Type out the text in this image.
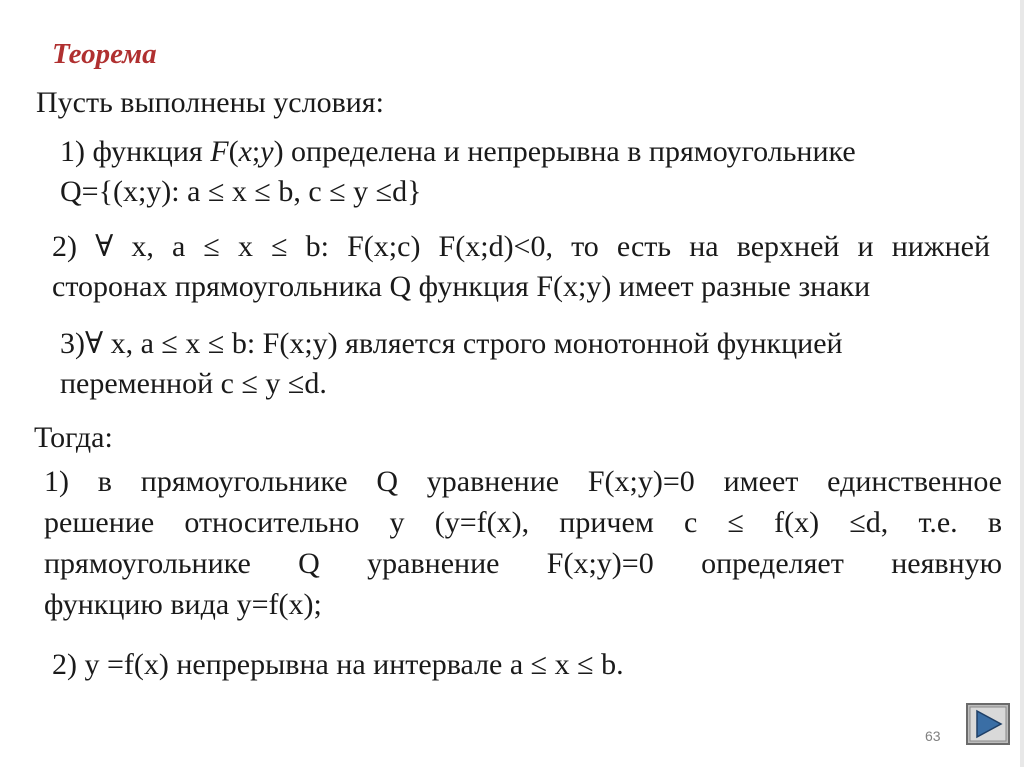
Теорема
Пусть выполнены условия:
1) функция F(x;y) определена и непрерывна в прямоугольнике
Q={(x;y): a ≤ x ≤ b, c ≤ y ≤d}
2) ∀ x, a ≤ x ≤ b: F(x;c) F(x;d)<0, то есть на верхней и нижней
сторонах прямоугольника Q функция F(x;y) имеет разные знаки
3)∀ x, a ≤ x ≤ b: F(x;y) является строго монотонной функцией
переменной c ≤ y ≤d.
Тогда:
1) в прямоугольнике Q уравнение F(x;y)=0 имеет единственное
решение относительно y (y=f(x), причем c ≤ f(x) ≤d, т.е. в
прямоугольнике Q уравнение F(x;y)=0 определяет неявную
функцию вида y=f(x);
2) y =f(x) непрерывна на интервале a ≤ x ≤ b.
63
